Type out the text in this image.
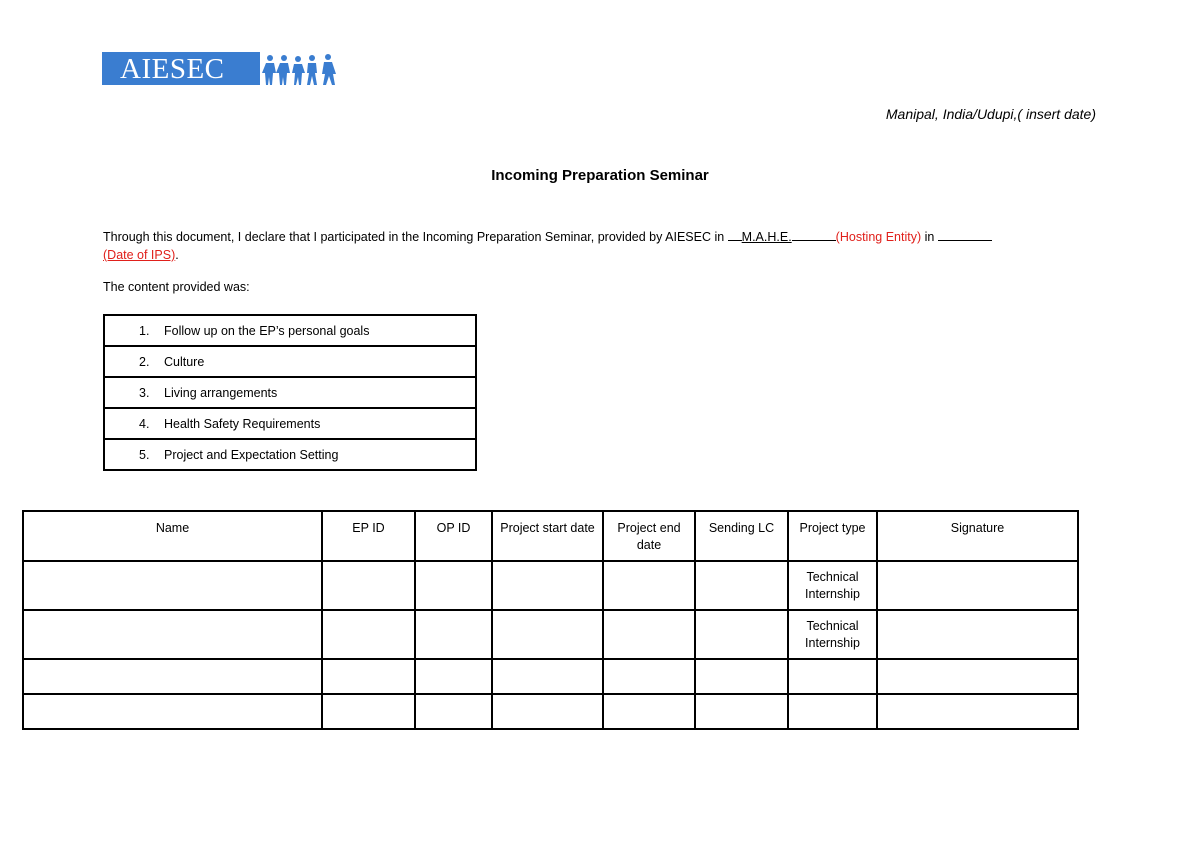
AIESEC
Manipal, India/Udupi,( insert date)
Incoming Preparation Seminar
Through this document, I declare that I participated in the Incoming Preparation Seminar, provided by AIESEC in M.A.H.E.	(Hosting Entity) in
(Date of IPS).
The content provided was:
1. Follow up on the EP’s personal goals
2. Culture
3. Living arrangements
4. Health Safety Requirements
5. Project and Expectation Setting
Name	EP ID	OP ID	Project start date	Project end date	Sending LC	Project type	Signature
						Technical Internship	
						Technical Internship	
